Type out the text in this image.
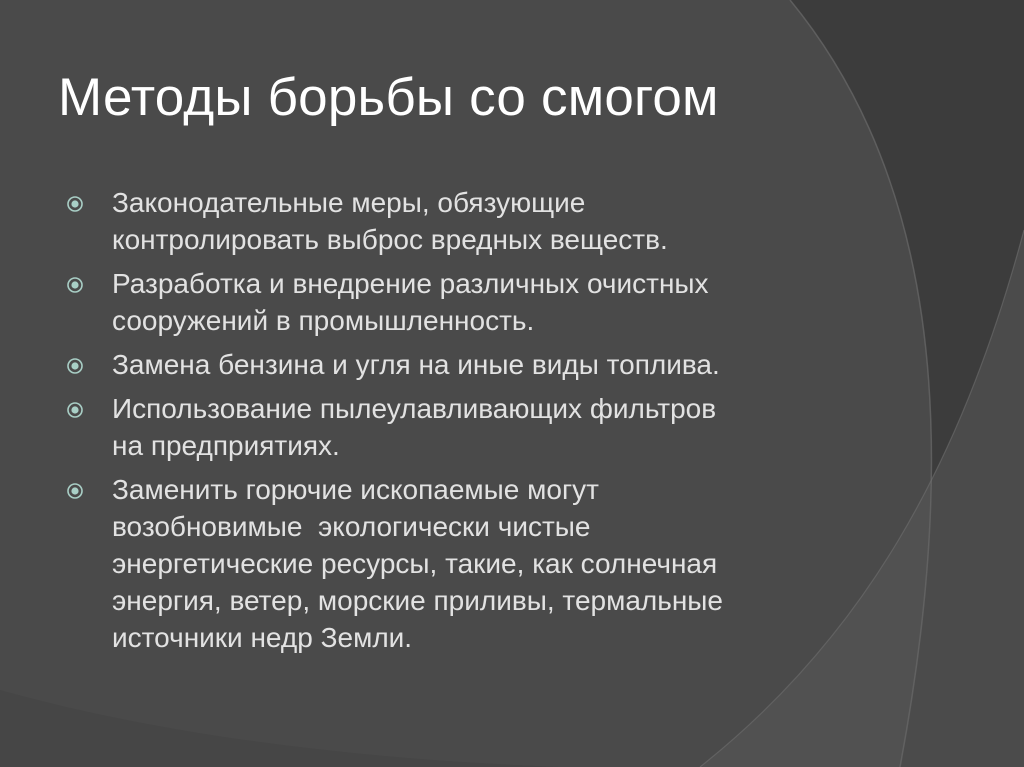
Методы борьбы со смогом
Законодательные меры, обязующие
контролировать выброс вредных веществ.
Разработка и внедрение различных очистных
сооружений в промышленность.
Замена бензина и угля на иные виды топлива.
Использование пылеулавливающих фильтров
на предприятиях.
Заменить горючие ископаемые могут
возобновимые  экологически чистые
энергетические ресурсы, такие, как солнечная
энергия, ветер, морские приливы, термальные
источники недр Земли.
